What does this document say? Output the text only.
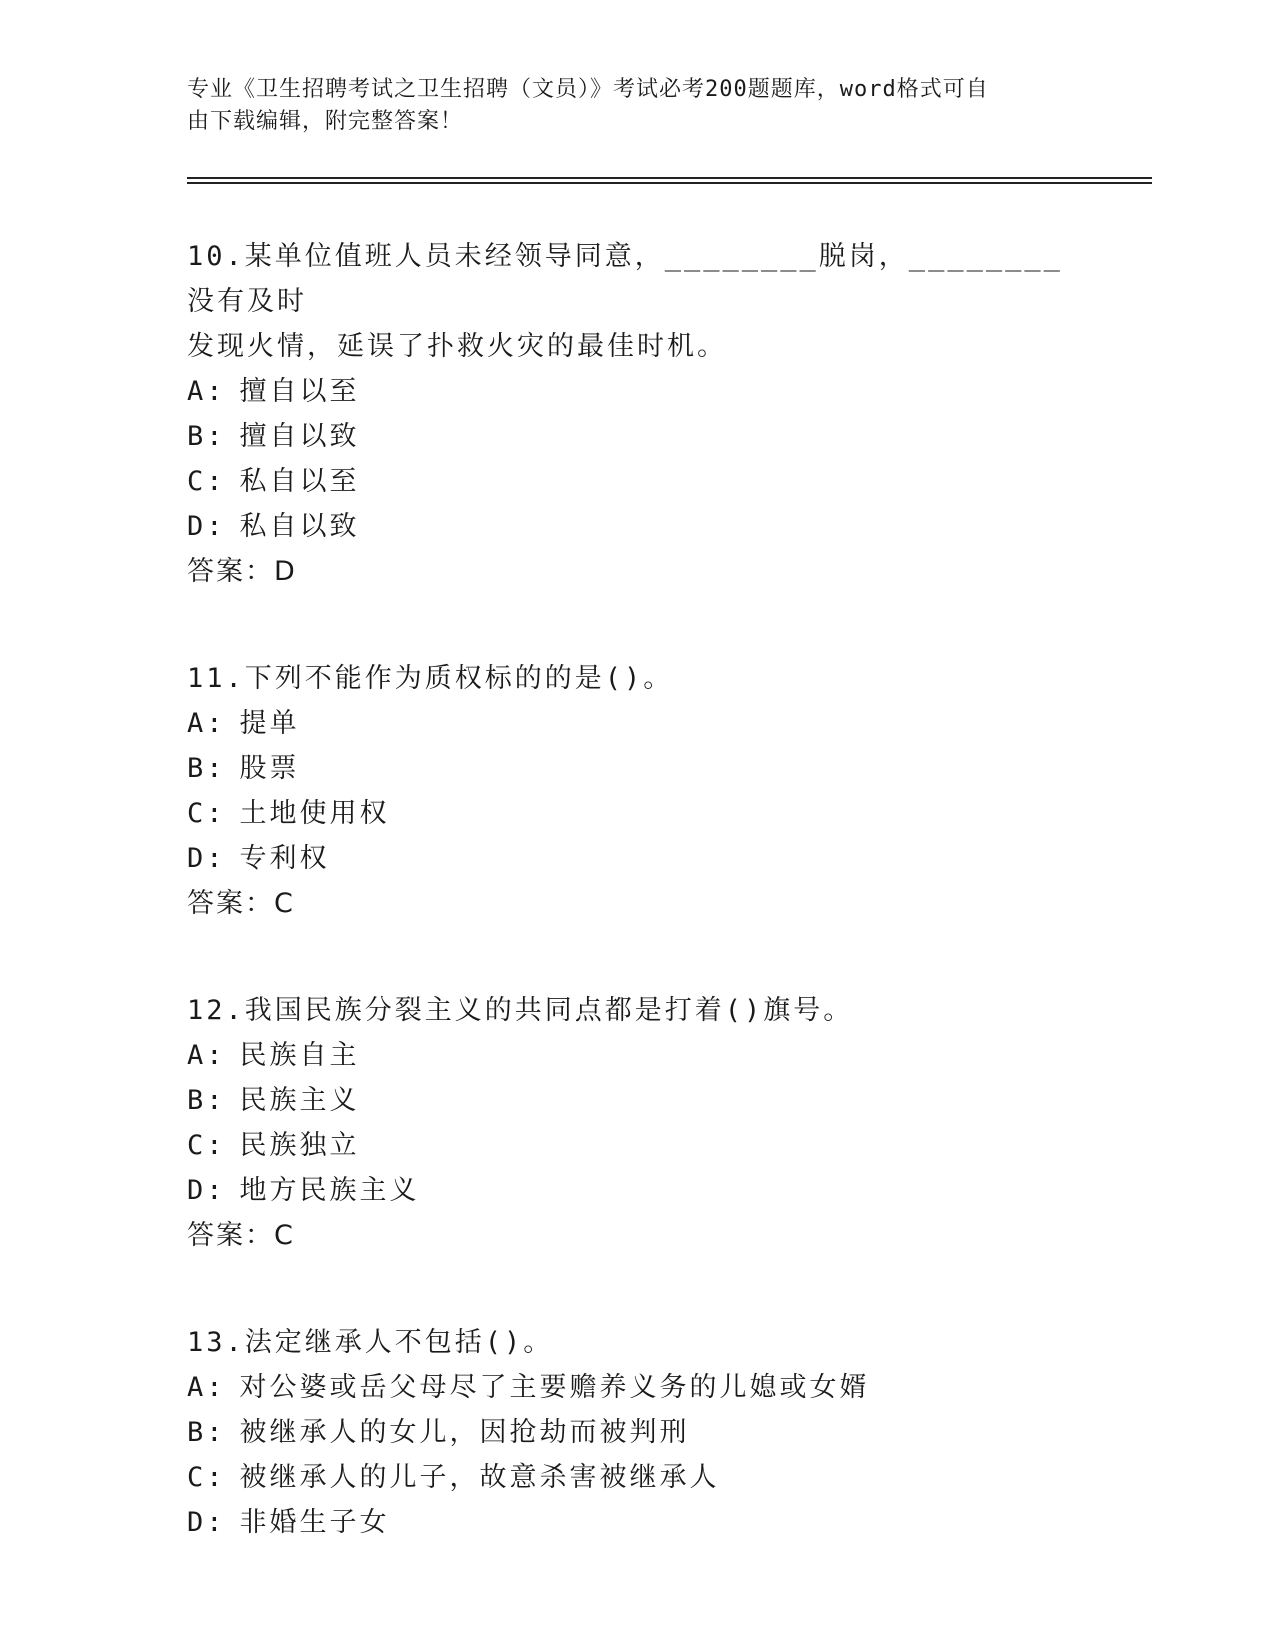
专业《卫生招聘考试之卫生招聘（文员）》考试必考200题题库，word格式可自
由下载编辑，附完整答案！
10.某单位值班人员未经领导同意，________脱岗，________没有及时
发现火情，延误了扑救火灾的最佳时机。
A: 擅自以至
B: 擅自以致
C: 私自以至
D: 私自以致
答案：D
11.下列不能作为质权标的的是()。
A: 提单
B: 股票
C: 土地使用权
D: 专利权
答案：C
12.我国民族分裂主义的共同点都是打着()旗号。
A: 民族自主
B: 民族主义
C: 民族独立
D: 地方民族主义
答案：C
13.法定继承人不包括()。
A: 对公婆或岳父母尽了主要赡养义务的儿媳或女婿
B: 被继承人的女儿，因抢劫而被判刑
C: 被继承人的儿子，故意杀害被继承人
D: 非婚生子女
